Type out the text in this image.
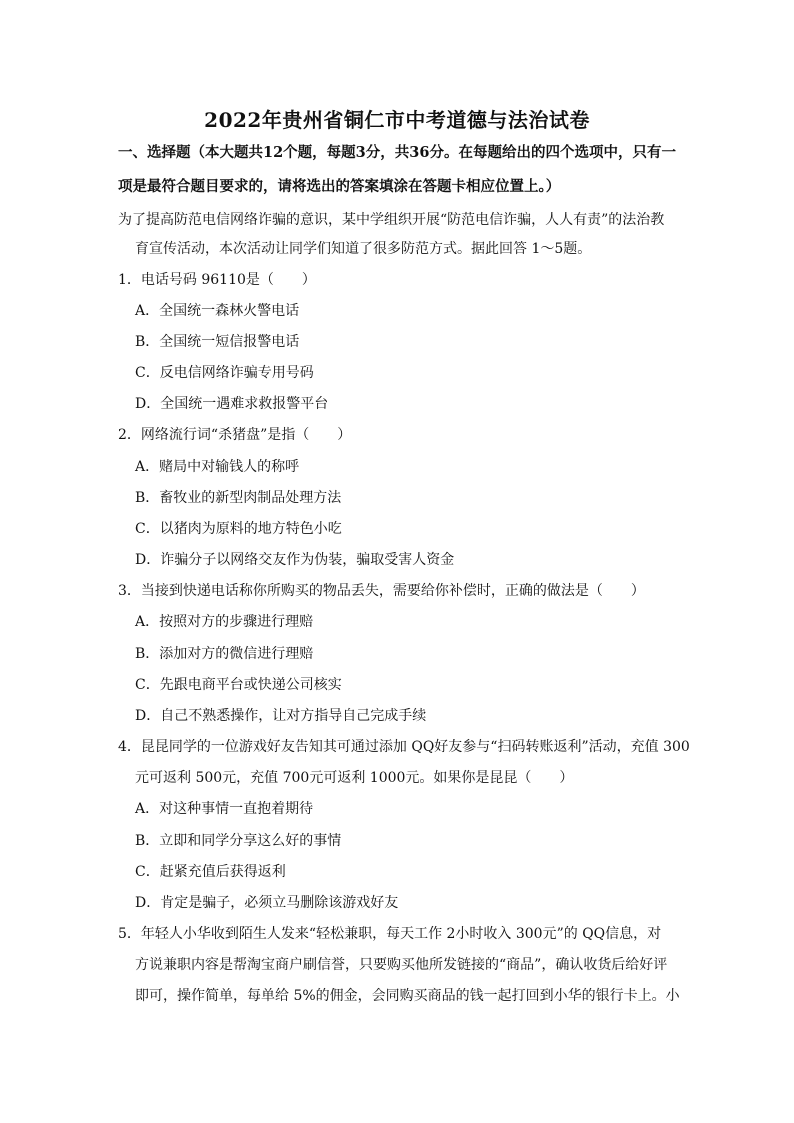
2022年贵州省铜仁市中考道德与法治试卷
一、选择题（本大题共12个题，每题3分，共36分。在每题给出的四个选项中，只有一
项是最符合题目要求的，请将选出的答案填涂在答题卡相应位置上。）
为了提高防范电信网络诈骗的意识，某中学组织开展“防范电信诈骗，人人有责”的法治教
育宣传活动，本次活动让同学们知道了很多防范方式。据此回答 1～5题。
1．电话号码 96110是（　　）
A．全国统一森林火警电话
B．全国统一短信报警电话
C．反电信网络诈骗专用号码
D．全国统一遇难求救报警平台
2．网络流行词“杀猪盘”是指（　　）
A．赌局中对输钱人的称呼
B．畜牧业的新型肉制品处理方法
C．以猪肉为原料的地方特色小吃
D．诈骗分子以网络交友作为伪装，骗取受害人资金
3．当接到快递电话称你所购买的物品丢失，需要给你补偿时，正确的做法是（　　）
A．按照对方的步骤进行理赔
B．添加对方的微信进行理赔
C．先跟电商平台或快递公司核实
D．自己不熟悉操作，让对方指导自己完成手续
4．昆昆同学的一位游戏好友告知其可通过添加 QQ好友参与“扫码转账返利”活动，充值 300
元可返利 500元，充值 700元可返利 1000元。如果你是昆昆（　　）
A．对这种事情一直抱着期待
B．立即和同学分享这么好的事情
C．赶紧充值后获得返利
D．肯定是骗子，必须立马删除该游戏好友
5．年轻人小华收到陌生人发来“轻松兼职，每天工作 2小时收入 300元”的 QQ信息，对
方说兼职内容是帮淘宝商户刷信誉，只要购买他所发链接的“商品”，确认收货后给好评
即可，操作简单，每单给 5%的佣金，会同购买商品的钱一起打回到小华的银行卡上。小
